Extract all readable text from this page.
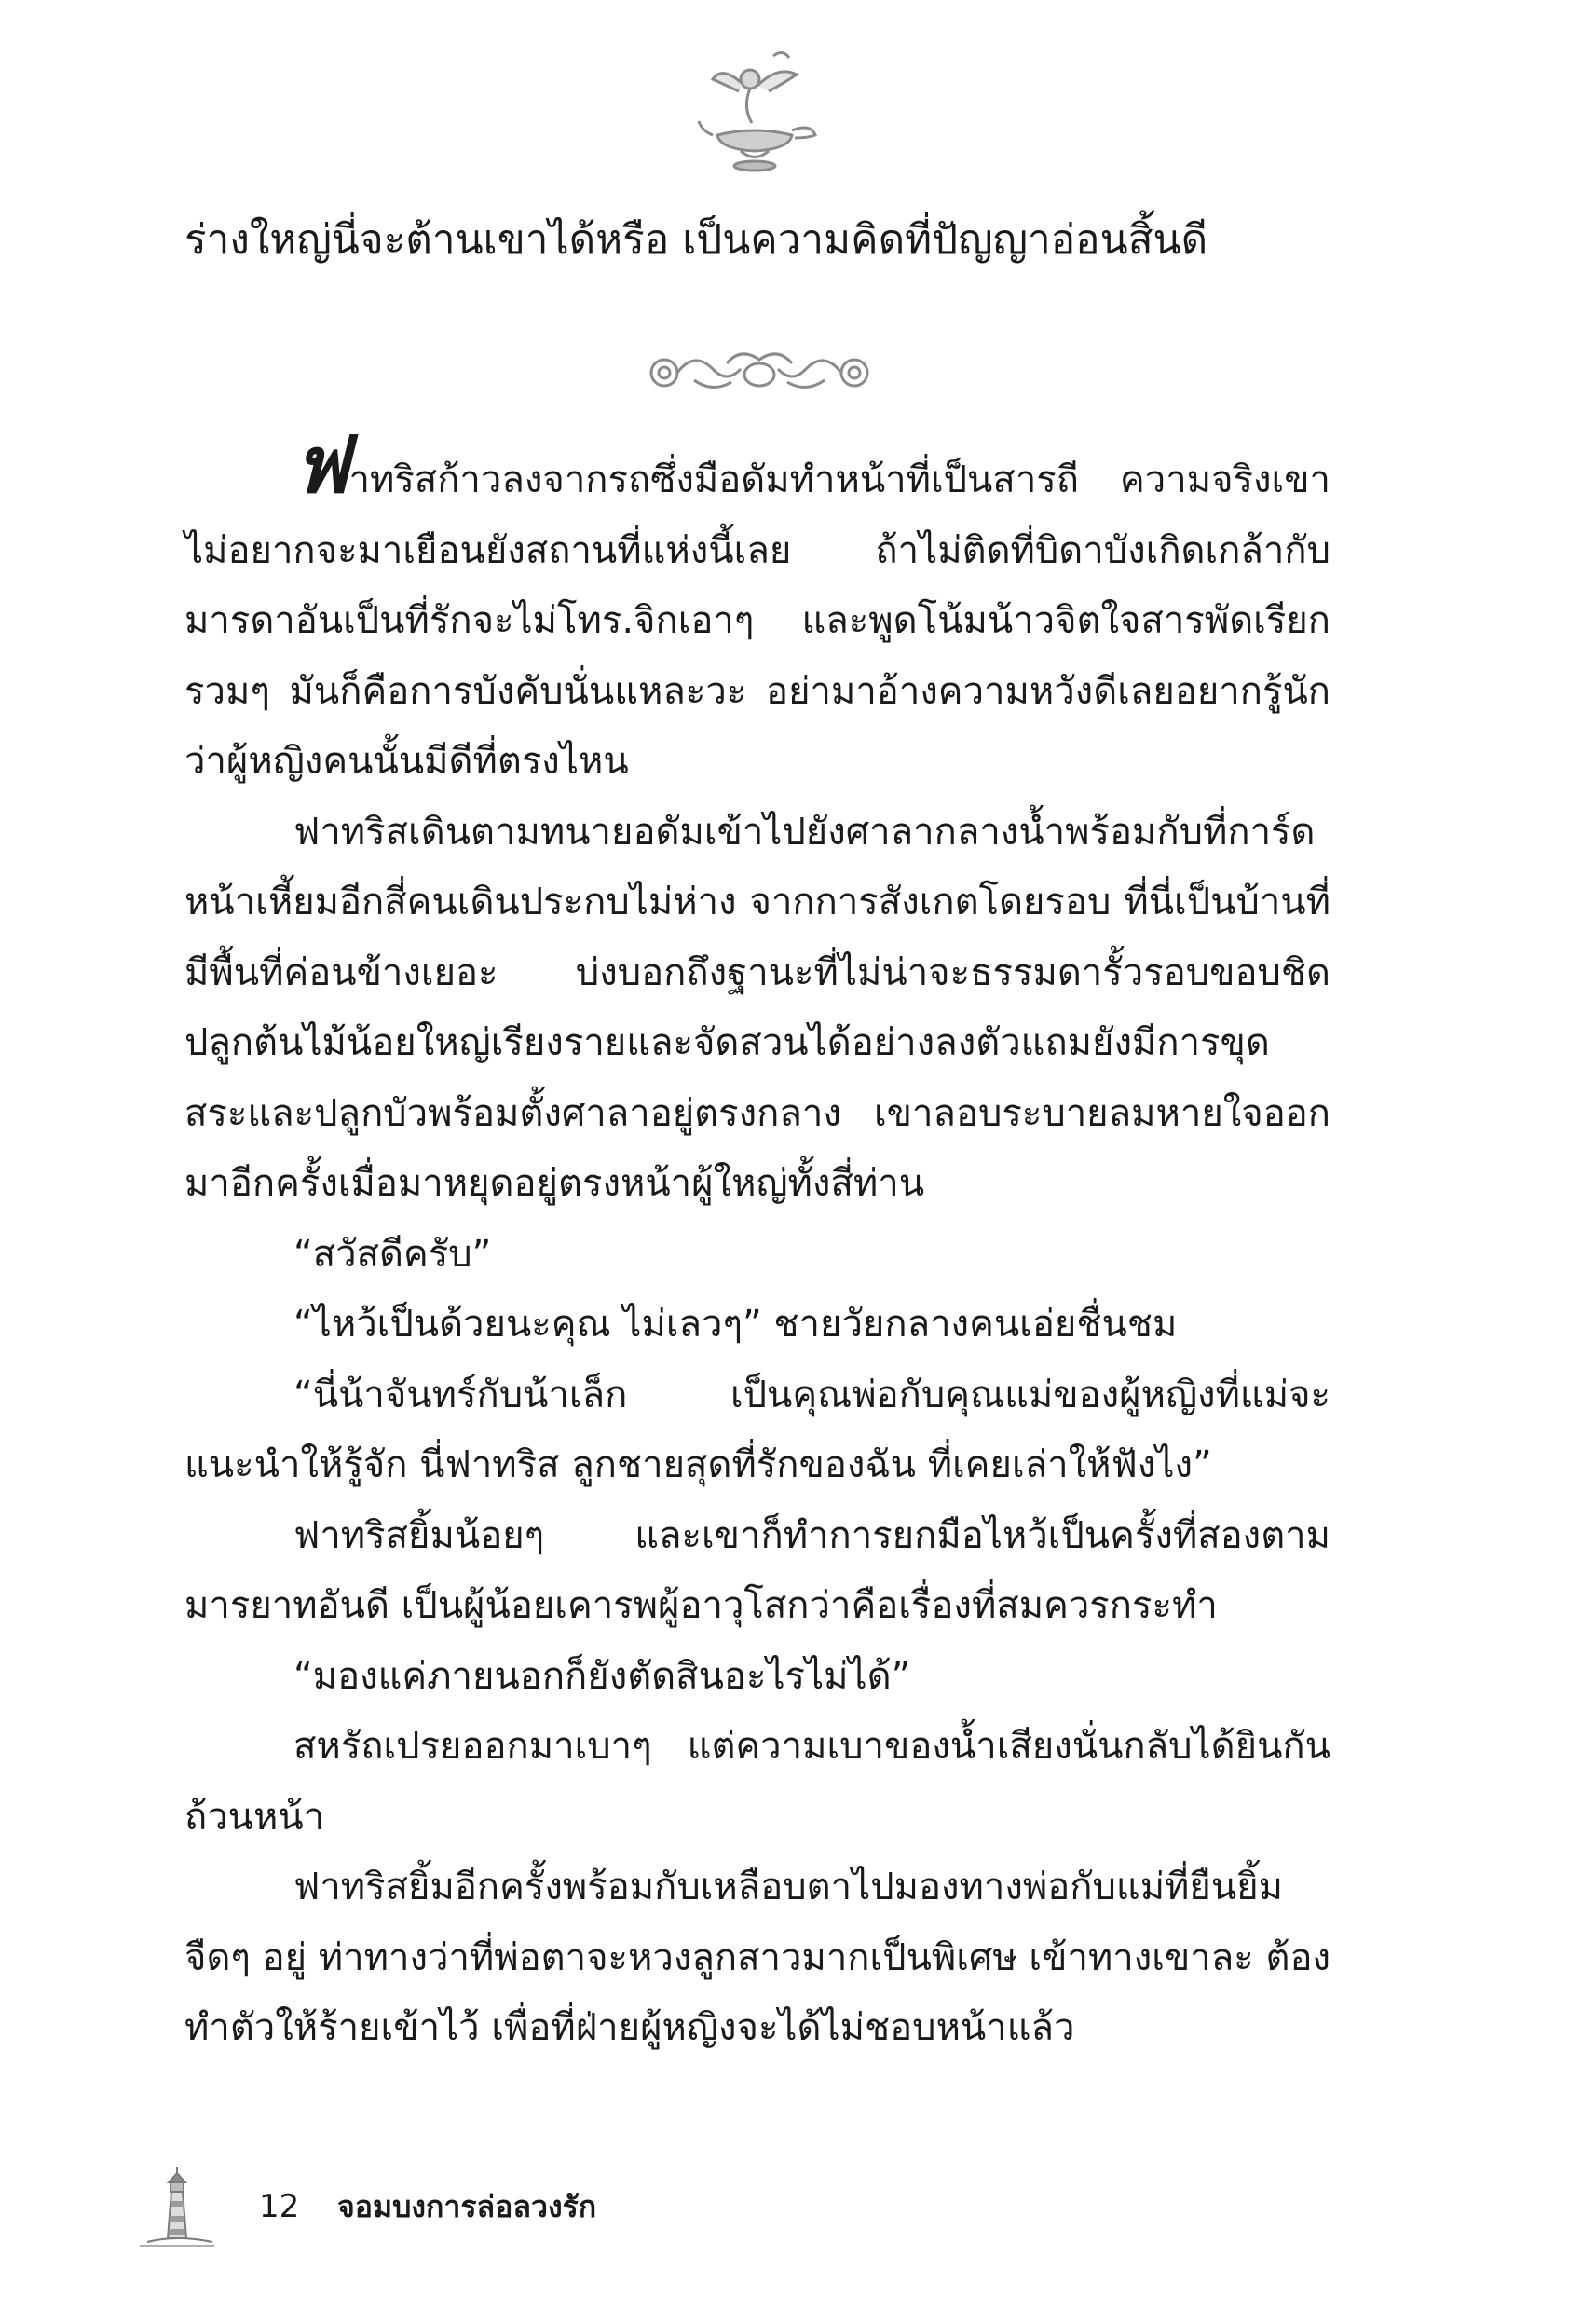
ร่างใหญ่นี่จะต้านเขาได้หรือ เป็นความคิดที่ปัญญาอ่อนสิ้นดี

ฟาทริสก้าวลงจากรถซึ่งมือดัมทำหน้าที่เป็นสารถี ความจริงเขาไม่อยากจะมาเยือนยังสถานที่แห่งนี้เลย ถ้าไม่ติดที่บิดาบังเกิดเกล้ากับมารดาอันเป็นที่รักจะไม่โทร.จิกเอาๆ และพูดโน้มน้าวจิตใจสารพัดเรียกรวมๆ มันก็คือการบังคับนั่นแหละวะ อย่ามาอ้างความหวังดีเลยอยากรู้นักว่าผู้หญิงคนนั้นมีดีที่ตรงไหน

ฟาทริสเดินตามทนายอดัมเข้าไปยังศาลากลางน้ำพร้อมกับที่การ์ดหน้าเหี้ยมอีกสี่คนเดินประกบไม่ห่าง จากการสังเกตโดยรอบ ที่นี่เป็นบ้านที่มีพื้นที่ค่อนข้างเยอะ บ่งบอกถึงฐานะที่ไม่น่าจะธรรมดารั้วรอบขอบชิด ปลูกต้นไม้น้อยใหญ่เรียงรายและจัดสวนได้อย่างลงตัวแถมยังมีการขุดสระและปลูกบัวพร้อมตั้งศาลาอยู่ตรงกลาง เขาลอบระบายลมหายใจออกมาอีกครั้งเมื่อมาหยุดอยู่ตรงหน้าผู้ใหญ่ทั้งสี่ท่าน

“สวัสดีครับ”

“ไหว้เป็นด้วยนะคุณ ไม่เลวๆ” ชายวัยกลางคนเอ่ยชื่นชม

“นี่น้าจันทร์กับน้าเล็ก เป็นคุณพ่อกับคุณแม่ของผู้หญิงที่แม่จะแนะนำให้รู้จัก นี่ฟาทริส ลูกชายสุดที่รักของฉัน ที่เคยเล่าให้ฟังไง”

ฟาทริสยิ้มน้อยๆ และเขาก็ทำการยกมือไหว้เป็นครั้งที่สองตามมารยาทอันดี เป็นผู้น้อยเคารพผู้อาวุโสกว่าคือเรื่องที่สมควรกระทำ

“มองแค่ภายนอกก็ยังตัดสินอะไรไม่ได้”

สหรัถเปรยออกมาเบาๆ แต่ความเบาของน้ำเสียงนั่นกลับได้ยินกันถ้วนหน้า

ฟาทริสยิ้มอีกครั้งพร้อมกับเหลือบตาไปมองทางพ่อกับแม่ที่ยืนยิ้มจืดๆ อยู่ ท่าทางว่าที่พ่อตาจะหวงลูกสาวมากเป็นพิเศษ เข้าทางเขาละ ต้องทำตัวให้ร้ายเข้าไว้ เพื่อที่ฝ่ายผู้หญิงจะได้ไม่ชอบหน้าแล้ว

12 จอมบงการล่อลวงรัก
